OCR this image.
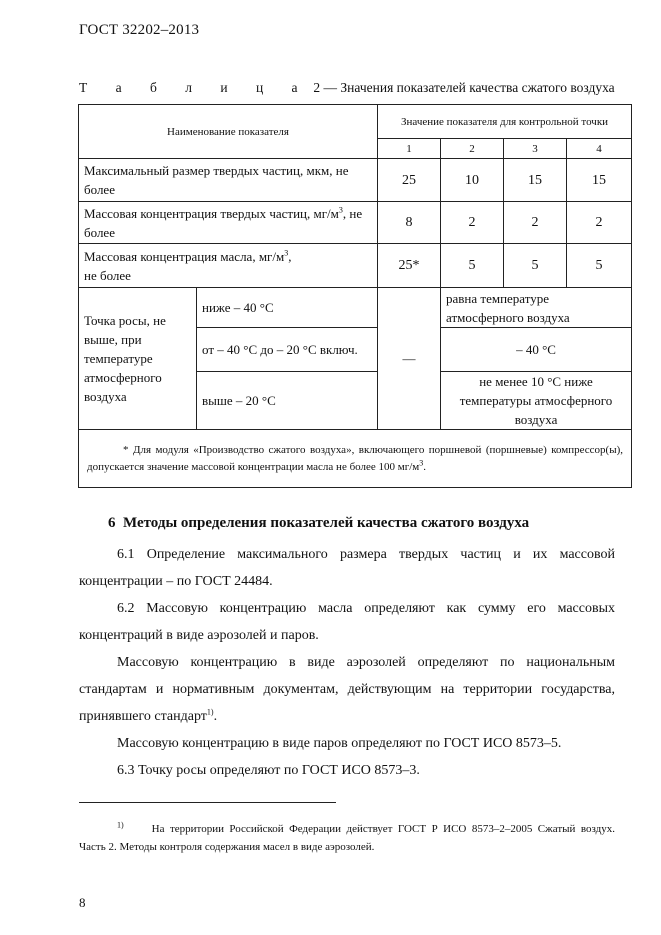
ГОСТ 32202–2013
Т а б л и ц а 2 — Значения показателей качества сжатого воздуха
Наименование показателя		Значение показателя для контрольной точки			
		1	2	3	4
Максимальный размер твердых частиц, мкм, не более		25	10	15	15
Массовая концентрация твердых частиц, $мг/м^3$, не более		8	2	2	2
Массовая концентрация масла, $мг/м^3$,
не более		25*	5	5	5
Точка росы, не выше, при температуре атмосферного воздуха	ниже – 40 °С	—	равна температуре атмосферного воздуха		
	от – 40 °С до – 20 °С включ.		– 40 °С		
	выше – 20 °С		не менее 10 °С ниже температуры атмосферного воздуха		
* Для модуля «Производство сжатого воздуха», включающего поршневой (поршневые) компрессор(ы), допускается значение массовой концентрации масла не более 100 $мг/м^3$.					
6 Методы определения показателей качества сжатого воздуха
6.1 Определение максимального размера твердых частиц и их массовой концентрации – по ГОСТ 24484.
6.2 Массовую концентрацию масла определяют как сумму его массовых концентраций в виде аэрозолей и паров.
Массовую концентрацию в виде аэрозолей определяют по национальным стандартам и нормативным документам, действующим на территории государства, принявшего стандарт$^{1)}$.
Массовую концентрацию в виде паров определяют по ГОСТ ИСО 8573–5.
6.3 Точку росы определяют по ГОСТ ИСО 8573–3.
$^{1)}$	На территории Российской Федерации действует ГОСТ Р ИСО 8573–2–2005 Сжатый воздух. Часть 2. Методы контроля содержания масел в виде аэрозолей.
8
